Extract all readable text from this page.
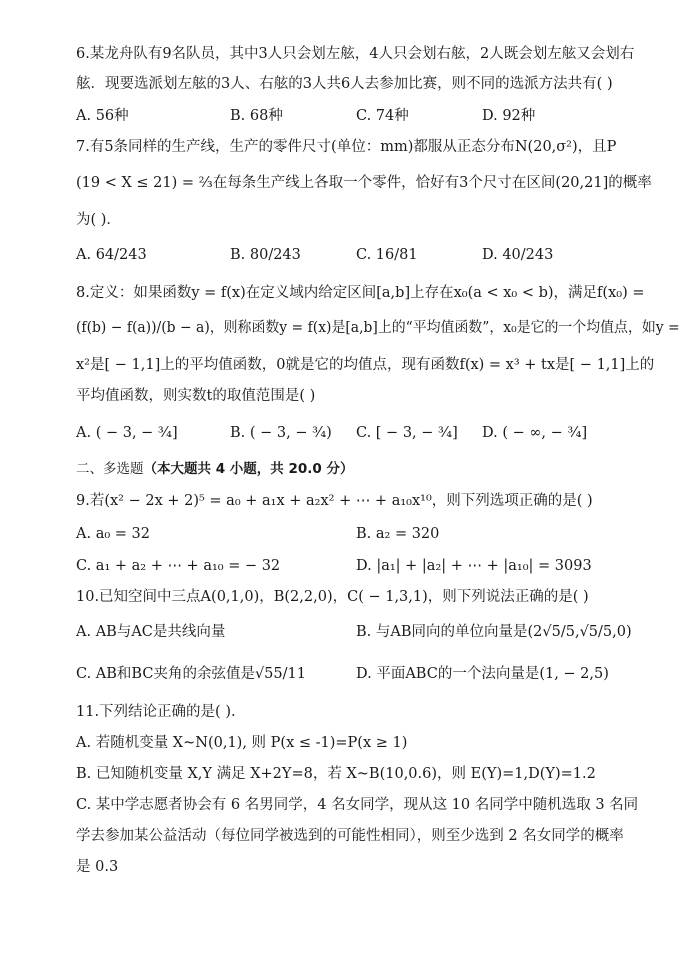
6.某龙舟队有9名队员，其中3人只会划左舷，4人只会划右舷，2人既会划左舷又会划右
舷．现要选派划左舷的3人、右舷的3人共6人去参加比赛，则不同的选派方法共有( )
A. 56种	B. 68种	C. 74种	D. 92种
7.有5条同样的生产线，生产的零件尺寸(单位：mm)都服从正态分布N(20,σ²)，且P
(19 < X ≤ 21) = ²⁄₃在每条生产线上各取一个零件，恰好有3个尺寸在区间(20,21]的概率
为( )．
A. 64/243	B. 80/243	C. 16/81	D. 40/243
8.定义：如果函数y = f(x)在定义域内给定区间[a,b]上存在x₀(a < x₀ < b)，满足f(x₀) =
(f(b) − f(a))/(b − a)，则称函数y = f(x)是[a,b]上的“平均值函数”，x₀是它的一个均值点，如y =
x²是[ − 1,1]上的平均值函数，0就是它的均值点，现有函数f(x) = x³ + tx是[ − 1,1]上的
平均值函数，则实数t的取值范围是( )
A. ( − 3, − ³⁄₄]	B. ( − 3, − ³⁄₄) C. [ − 3, − ³⁄₄] D. ( − ∞, − ³⁄₄]
二、多选题（本大题共 4 小题，共 20.0 分）
9.若(x² − 2x + 2)⁵ = a₀ + a₁x + a₂x² + ⋯ + a₁₀x¹⁰，则下列选项正确的是( )
A. a₀ = 32	B. a₂ = 320
C. a₁ + a₂ + ⋯ + a₁₀ = − 32	D. |a₁| + |a₂| + ⋯ + |a₁₀| = 3093
10.已知空间中三点A(0,1,0)，B(2,2,0)，C( − 1,3,1)，则下列说法正确的是( )
A. AB与AC是共线向量	B. 与AB同向的单位向量是(2√5/5,√5/5,0)
C. AB和BC夹角的余弦值是√55/11	D. 平面ABC的一个法向量是(1, − 2,5)
11.下列结论正确的是( ).
A. 若随机变量 X~N(0,1), 则 P(x ≤ -1)=P(x ≥ 1)
B. 已知随机变量 X,Y 满足 X+2Y=8，若 X~B(10,0.6)，则 E(Y)=1,D(Y)=1.2
C. 某中学志愿者协会有 6 名男同学，4 名女同学，现从这 10 名同学中随机选取 3 名同
学去参加某公益活动（每位同学被选到的可能性相同），则至少选到 2 名女同学的概率
是 0.3
